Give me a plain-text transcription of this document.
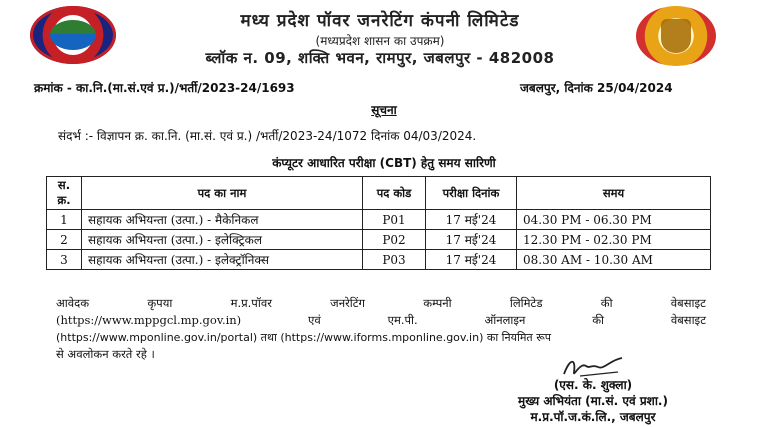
मध्य प्रदेश पॉवर जनरेटिंग कंपनी लिमिटेड
(मध्यप्रदेश शासन का उपक्रम)
ब्लॉक न. 09, शक्ति भवन, रामपुर, जबलपुर - 482008
क्रमांक - का.नि.(मा.सं.एवं प्र.)/भर्ती/2023-24/1693	जबलपुर, दिनांक 25/04/2024
सूचना
संदर्भ :- विज्ञापन क्र. का.नि. (मा.सं. एवं प्र.) /भर्ती/2023-24/1072 दिनांक 04/03/2024.
कंप्यूटर आधारित परीक्षा (CBT) हेतु समय सारिणी
स. क्र.	पद का नाम	पद कोड	परीक्षा दिनांक	समय
1	सहायक अभियन्ता (उत्पा.) - मैकेनिकल	P01	17 मई'24	04.30 PM - 06.30 PM
2	सहायक अभियन्ता (उत्पा.) - इलेक्ट्रिकल	P02	17 मई'24	12.30 PM - 02.30 PM
3	सहायक अभियन्ता (उत्पा.) - इलेक्ट्रॉनिक्स	P03	17 मई'24	08.30 AM - 10.30 AM
आवेदक	कृपया	म.प्र.पॉवर	जनरेटिंग	कम्पनी	लिमिटेड	की	वेबसाइट
(https://www.mppgcl.mp.gov.in)	एवं	एम.पी.	ऑनलाइन	की	वेबसाइट
(https://www.mponline.gov.in/portal) तथा (https://www.iforms.mponline.gov.in) का नियमित रूप
से अवलोकन करते रहे ।
(एस. के. शुक्ला)
मुख्य अभियंता (मा.सं. एवं प्रशा.)
म.प्र.पॉ.ज.कं.लि., जबलपुर
